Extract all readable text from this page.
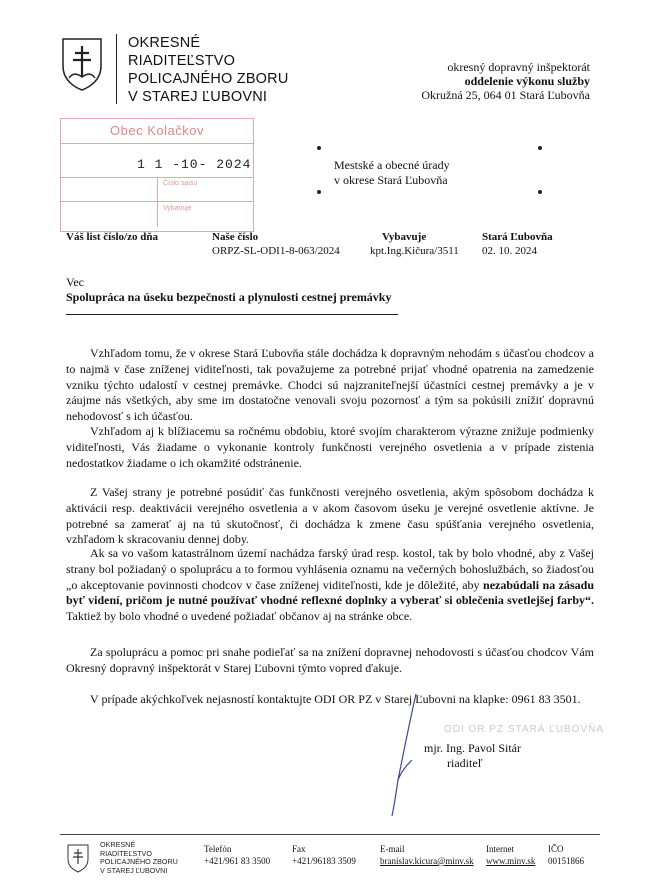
OKRESNÉ
RIADITEĽSTVO
POLICAJNÉHO ZBORU
V STAREJ ĽUBOVNI
okresný dopravný inšpektorát
oddelenie výkonu služby
Okružná 25, 064 01 Stará Ľubovňa
Obec Kolačkov
1 1 -10- 2024
Číslo spisu
Vybavuje
Mestské a obecné úrady
v okrese Stará Ľubovňa
Váš list číslo/zo dňa	Naše číslo
ORPZ-SL-ODI1-8-063/2024
Vybavuje
kpt.Ing.Kičura/3511
Stará Ľubovňa
02. 10. 2024
Vec
Spolupráca na úseku bezpečnosti a plynulosti cestnej premávky
Vzhľadom tomu, že v okrese Stará Ľubovňa stále dochádza k dopravným nehodám s účasťou chodcov a to najmä v čase zníženej viditeľnosti, tak považujeme za potrebné prijať vhodné opatrenia na zamedzenie vzniku týchto udalostí v cestnej premávke. Chodci sú najzraniteľnejší účastníci cestnej premávky a je v záujme nás všetkých, aby sme im dostatočne venovali svoju pozornosť a tým sa pokúsili znížiť dopravnú nehodovosť s ich účasťou.
Vzhľadom aj k blížiacemu sa ročnému obdobiu, ktoré svojím charakterom výrazne znižuje podmienky viditeľnosti, Vás žiadame o vykonanie kontroly funkčnosti verejného osvetlenia a v prípade zistenia nedostatkov žiadame o ich okamžité odstránenie.
Z Vašej strany je potrebné posúdiť čas funkčnosti verejného osvetlenia, akým spôsobom dochádza k aktivácii resp. deaktivácii verejného osvetlenia a v akom časovom úseku je verejné osvetlenie aktívne. Je potrebné sa zamerať aj na tú skutočnosť, či dochádza k zmene času spúšťania verejného osvetlenia, vzhľadom k skracovaniu dennej doby.
Ak sa vo vašom katastrálnom území nachádza farský úrad resp. kostol, tak by bolo vhodné, aby z Vašej strany bol požiadaný o spoluprácu a to formou vyhlásenia oznamu na večerných bohoslužbách, so žiadosťou „o akceptovanie povinnosti chodcov v čase zníženej viditeľnosti, kde je dôležité, aby nezabúdali na zásadu byť videní, pričom je nutné používať vhodné reflexné doplnky a vyberať si oblečenia svetlejšej farby“. Taktiež by bolo vhodné o uvedené požiadať občanov aj na stránke obce.
Za spoluprácu a pomoc pri snahe podieľať sa na znížení dopravnej nehodovosti s účasťou chodcov Vám Okresný dopravný inšpektorát v Starej Ľubovni týmto vopred ďakuje.
V prípade akýchkoľvek nejasností kontaktujte ODI OR PZ v Starej Ľubovni na klapke: 0961 83 3501.
ODI OR PZ STARÁ ĽUBOVŇA
mjr. Ing. Pavol Sitár
riaditeľ
OKRESNÉ
RIADITEĽSTVO
POLICAJNÉHO ZBORU
V STAREJ ĽUBOVNI
Telefón
+421/961 83 3500
Fax
+421/96183 3509
E-mail
branislav.kicura@minv.sk
Internet
www.minv.sk
IČO
00151866
